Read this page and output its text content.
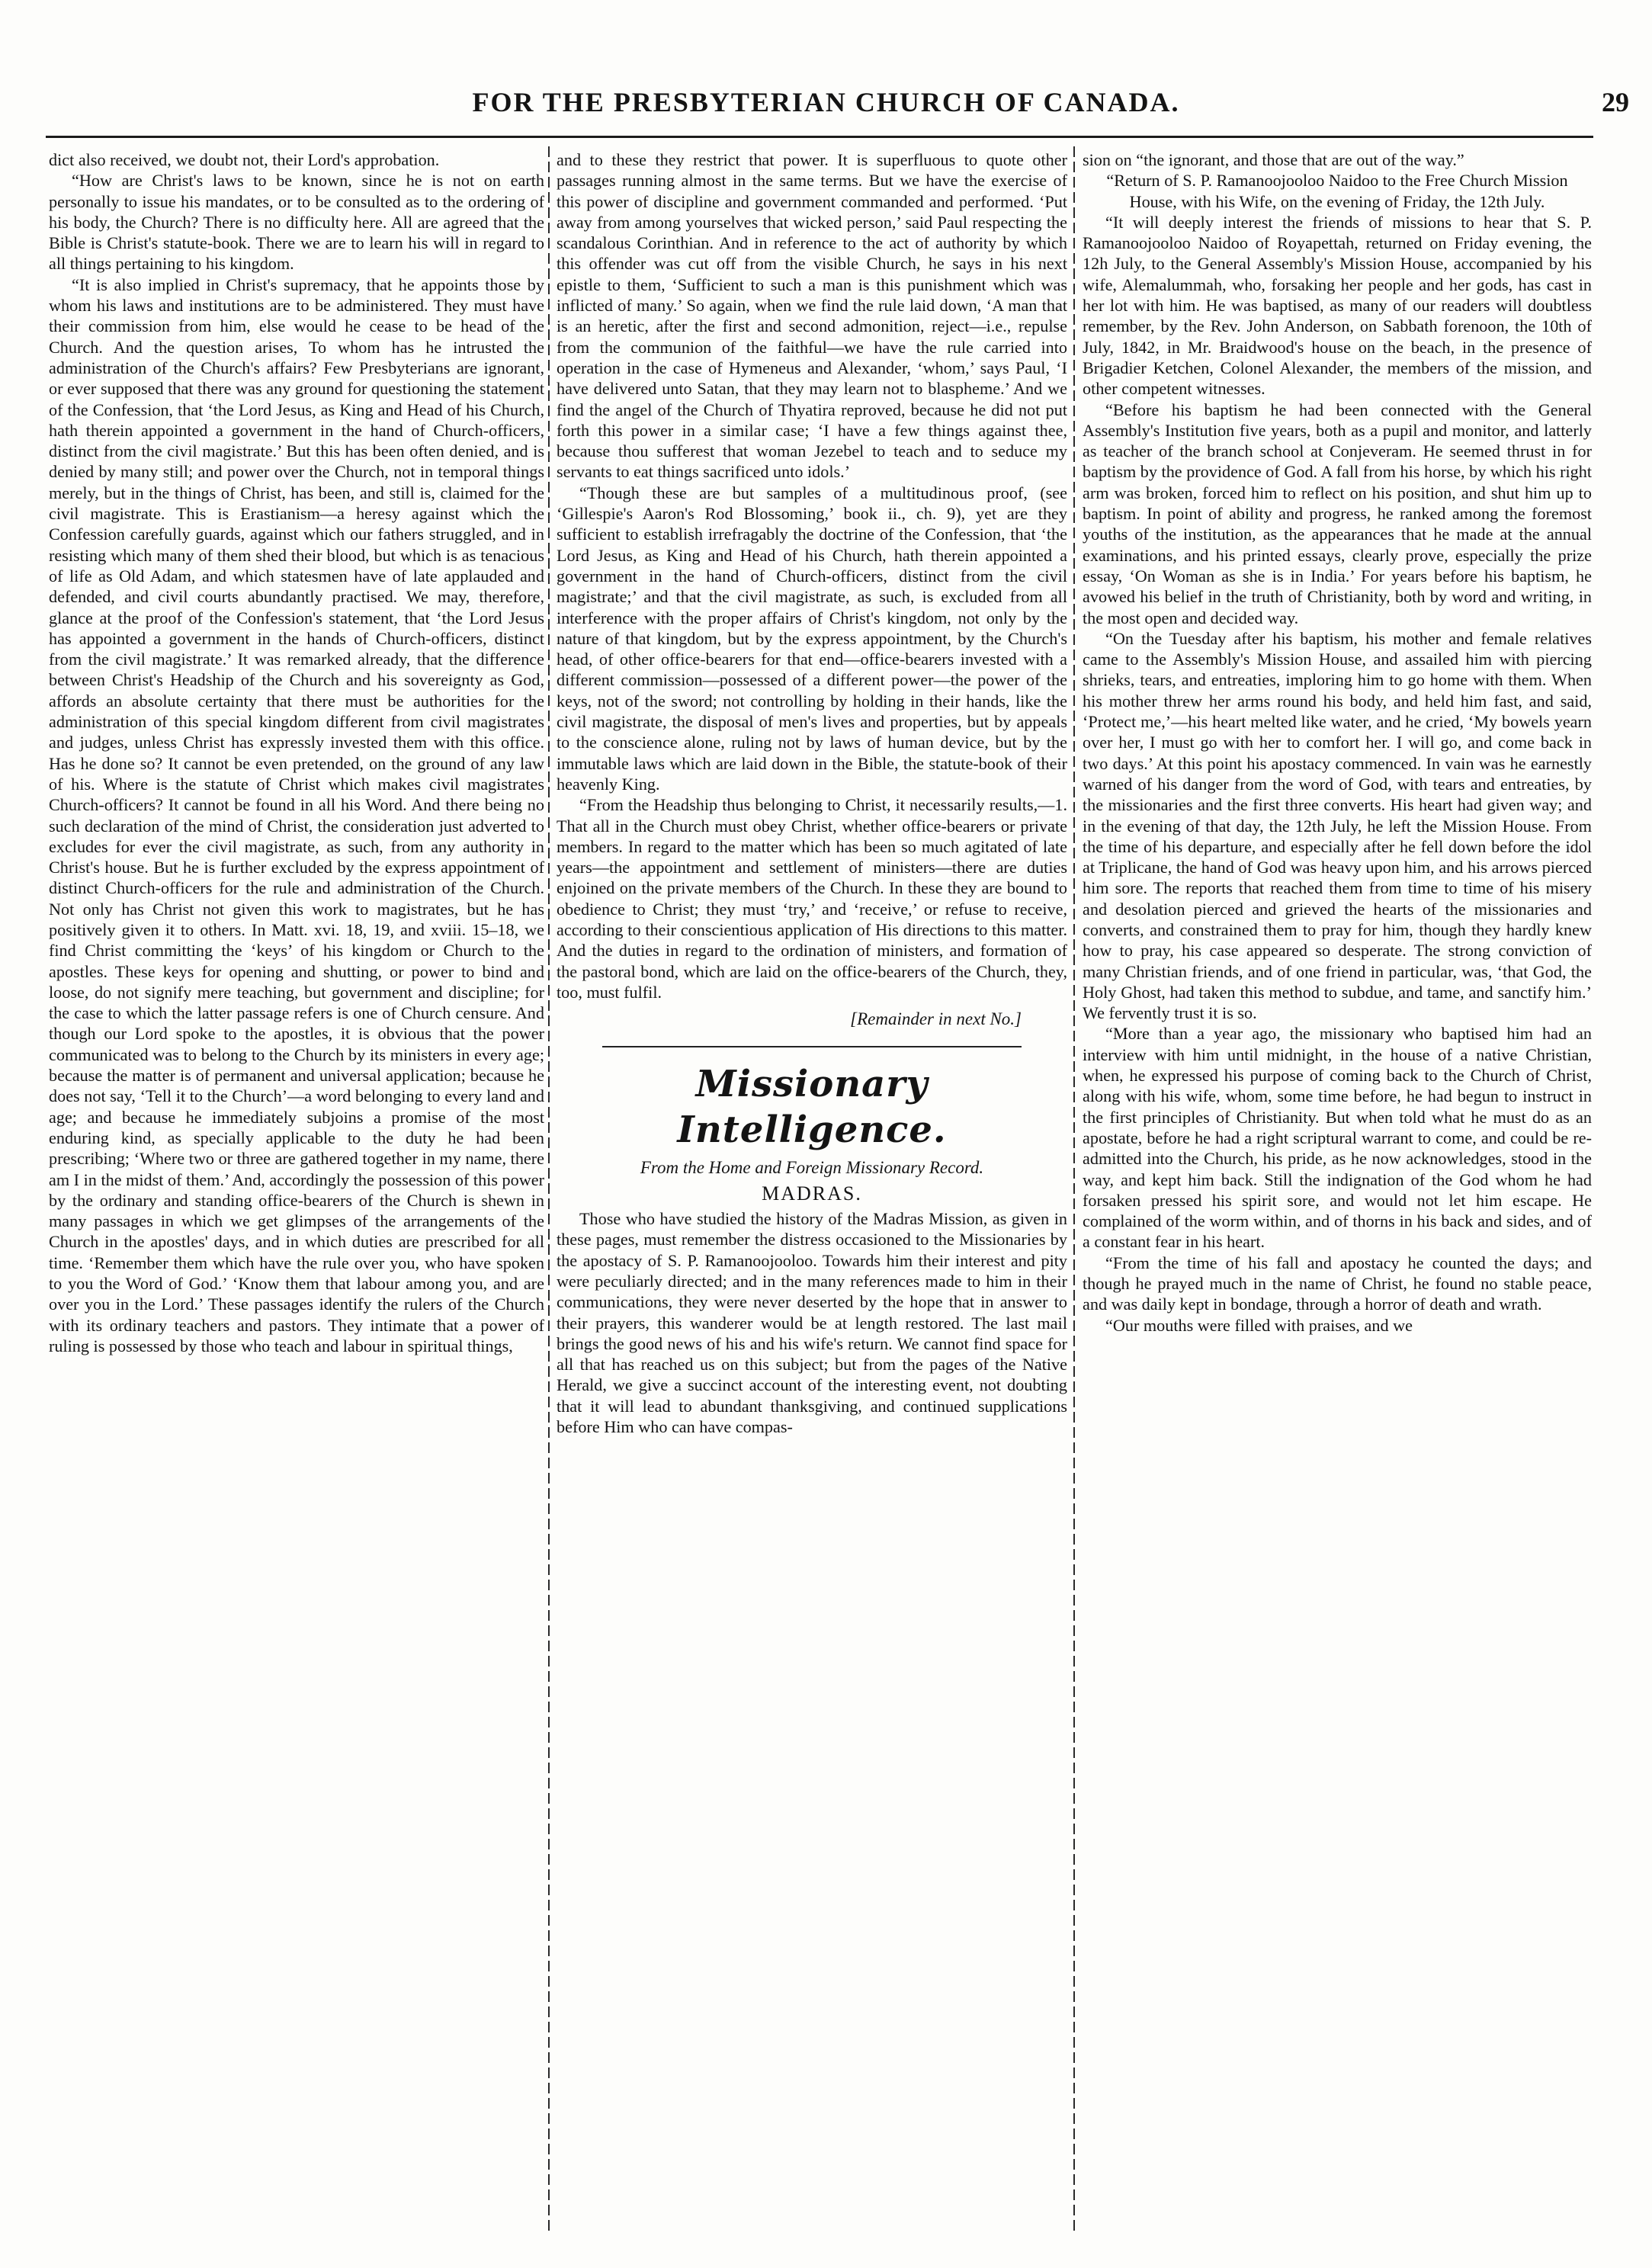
FOR THE PRESBYTERIAN CHURCH OF CANADA.	29

dict also received, we doubt not, their Lord's approbation.

“How are Christ's laws to be known, since he is not on earth personally to issue his mandates, or to be consulted as to the ordering of his body, the Church? There is no difficulty here. All are agreed that the Bible is Christ's statute-book. There we are to learn his will in regard to all things pertaining to his kingdom.

“It is also implied in Christ's supremacy, that he appoints those by whom his laws and institutions are to be administered. They must have their commission from him, else would he cease to be head of the Church. And the question arises, To whom has he intrusted the administration of the Church's affairs? Few Presbyterians are ignorant, or ever supposed that there was any ground for questioning the statement of the Confession, that ‘the Lord Jesus, as King and Head of his Church, hath therein appointed a government in the hand of Church-officers, distinct from the civil magistrate.’ But this has been often denied, and is denied by many still; and power over the Church, not in temporal things merely, but in the things of Christ, has been, and still is, claimed for the civil magistrate. This is Erastianism—a heresy against which the Confession carefully guards, against which our fathers struggled, and in resisting which many of them shed their blood, but which is as tenacious of life as Old Adam, and which statesmen have of late applauded and defended, and civil courts abundantly practised. We may, therefore, glance at the proof of the Confession's statement, that ‘the Lord Jesus has appointed a government in the hands of Church-officers, distinct from the civil magistrate.’ It was remarked already, that the difference between Christ's Headship of the Church and his sovereignty as God, affords an absolute certainty that there must be authorities for the administration of this special kingdom different from civil magistrates and judges, unless Christ has expressly invested them with this office. Has he done so? It cannot be even pretended, on the ground of any law of his. Where is the statute of Christ which makes civil magistrates Church-officers? It cannot be found in all his Word. And there being no such declaration of the mind of Christ, the consideration just adverted to excludes for ever the civil magistrate, as such, from any authority in Christ's house. But he is further excluded by the express appointment of distinct Church-officers for the rule and administration of the Church. Not only has Christ not given this work to magistrates, but he has positively given it to others. In Matt. xvi. 18, 19, and xviii. 15–18, we find Christ committing the ‘keys’ of his kingdom or Church to the apostles. These keys for opening and shutting, or power to bind and loose, do not signify mere teaching, but government and discipline; for the case to which the latter passage refers is one of Church censure. And though our Lord spoke to the apostles, it is obvious that the power communicated was to belong to the Church by its ministers in every age; because the matter is of permanent and universal application; because he does not say, ‘Tell it to the Church’—a word belonging to every land and age; and because he immediately subjoins a promise of the most enduring kind, as specially applicable to the duty he had been prescribing; ‘Where two or three are gathered together in my name, there am I in the midst of them.’ And, accordingly the possession of this power by the ordinary and standing office-bearers of the Church is shewn in many passages in which we get glimpses of the arrangements of the Church in the apostles' days, and in which duties are prescribed for all time. ‘Remember them which have the rule over you, who have spoken to you the Word of God.’ ‘Know them that labour among you, and are over you in the Lord.’ These passages identify the rulers of the Church with its ordinary teachers and pastors. They intimate that a power of ruling is possessed by those who teach and labour in spiritual things,

and to these they restrict that power. It is superfluous to quote other passages running almost in the same terms. But we have the exercise of this power of discipline and government commanded and performed. ‘Put away from among yourselves that wicked person,’ said Paul respecting the scandalous Corinthian. And in reference to the act of authority by which this offender was cut off from the visible Church, he says in his next epistle to them, ‘Sufficient to such a man is this punishment which was inflicted of many.’ So again, when we find the rule laid down, ‘A man that is an heretic, after the first and second admonition, reject—i.e., repulse from the communion of the faithful—we have the rule carried into operation in the case of Hymeneus and Alexander, ‘whom,’ says Paul, ‘I have delivered unto Satan, that they may learn not to blaspheme.’ And we find the angel of the Church of Thyatira reproved, because he did not put forth this power in a similar case; ‘I have a few things against thee, because thou sufferest that woman Jezebel to teach and to seduce my servants to eat things sacrificed unto idols.’

“Though these are but samples of a multitudinous proof, (see ‘Gillespie's Aaron's Rod Blossoming,’ book ii., ch. 9), yet are they sufficient to establish irrefragably the doctrine of the Confession, that ‘the Lord Jesus, as King and Head of his Church, hath therein appointed a government in the hand of Church-officers, distinct from the civil magistrate;’ and that the civil magistrate, as such, is excluded from all interference with the proper affairs of Christ's kingdom, not only by the nature of that kingdom, but by the express appointment, by the Church's head, of other office-bearers for that end—office-bearers invested with a different commission—possessed of a different power—the power of the keys, not of the sword; not controlling by holding in their hands, like the civil magistrate, the disposal of men's lives and properties, but by appeals to the conscience alone, ruling not by laws of human device, but by the immutable laws which are laid down in the Bible, the statute-book of their heavenly King.

“From the Headship thus belonging to Christ, it necessarily results,—1. That all in the Church must obey Christ, whether office-bearers or private members. In regard to the matter which has been so much agitated of late years—the appointment and settlement of ministers—there are duties enjoined on the private members of the Church. In these they are bound to obedience to Christ; they must ‘try,’ and ‘receive,’ or refuse to receive, according to their conscientious application of His directions to this matter. And the duties in regard to the ordination of ministers, and formation of the pastoral bond, which are laid on the office-bearers of the Church, they, too, must fulfil.

[Remainder in next No.]

Missionary Intelligence.

From the Home and Foreign Missionary Record.

MADRAS.

Those who have studied the history of the Madras Mission, as given in these pages, must remember the distress occasioned to the Missionaries by the apostacy of S. P. Ramanoojooloo. Towards him their interest and pity were peculiarly directed; and in the many references made to him in their communications, they were never deserted by the hope that in answer to their prayers, this wanderer would be at length restored. The last mail brings the good news of his and his wife's return. We cannot find space for all that has reached us on this subject; but from the pages of the Native Herald, we give a succinct account of the interesting event, not doubting that it will lead to abundant thanksgiving, and continued supplications before Him who can have compas-

sion on “the ignorant, and those that are out of the way.”

“Return of S. P. Ramanoojooloo Naidoo to the Free Church Mission House, with his Wife, on the evening of Friday, the 12th July.

“It will deeply interest the friends of missions to hear that S. P. Ramanoojooloo Naidoo of Royapettah, returned on Friday evening, the 12h July, to the General Assembly's Mission House, accompanied by his wife, Alemalummah, who, forsaking her people and her gods, has cast in her lot with him. He was baptised, as many of our readers will doubtless remember, by the Rev. John Anderson, on Sabbath forenoon, the 10th of July, 1842, in Mr. Braidwood's house on the beach, in the presence of Brigadier Ketchen, Colonel Alexander, the members of the mission, and other competent witnesses.

“Before his baptism he had been connected with the General Assembly's Institution five years, both as a pupil and monitor, and latterly as teacher of the branch school at Conjeveram. He seemed thrust in for baptism by the providence of God. A fall from his horse, by which his right arm was broken, forced him to reflect on his position, and shut him up to baptism. In point of ability and progress, he ranked among the foremost youths of the institution, as the appearances that he made at the annual examinations, and his printed essays, clearly prove, especially the prize essay, ‘On Woman as she is in India.’ For years before his baptism, he avowed his belief in the truth of Christianity, both by word and writing, in the most open and decided way.

“On the Tuesday after his baptism, his mother and female relatives came to the Assembly's Mission House, and assailed him with piercing shrieks, tears, and entreaties, imploring him to go home with them. When his mother threw her arms round his body, and held him fast, and said, ‘Protect me,’—his heart melted like water, and he cried, ‘My bowels yearn over her, I must go with her to comfort her. I will go, and come back in two days.’ At this point his apostacy commenced. In vain was he earnestly warned of his danger from the word of God, with tears and entreaties, by the missionaries and the first three converts. His heart had given way; and in the evening of that day, the 12th July, he left the Mission House. From the time of his departure, and especially after he fell down before the idol at Triplicane, the hand of God was heavy upon him, and his arrows pierced him sore. The reports that reached them from time to time of his misery and desolation pierced and grieved the hearts of the missionaries and converts, and constrained them to pray for him, though they hardly knew how to pray, his case appeared so desperate. The strong conviction of many Christian friends, and of one friend in particular, was, ‘that God, the Holy Ghost, had taken this method to subdue, and tame, and sanctify him.’ We fervently trust it is so.

“More than a year ago, the missionary who baptised him had an interview with him until midnight, in the house of a native Christian, when, he expressed his purpose of coming back to the Church of Christ, along with his wife, whom, some time before, he had begun to instruct in the first principles of Christianity. But when told what he must do as an apostate, before he had a right scriptural warrant to come, and could be re-admitted into the Church, his pride, as he now acknowledges, stood in the way, and kept him back. Still the indignation of the God whom he had forsaken pressed his spirit sore, and would not let him escape. He complained of the worm within, and of thorns in his back and sides, and of a constant fear in his heart.

“From the time of his fall and apostacy he counted the days; and though he prayed much in the name of Christ, he found no stable peace, and was daily kept in bondage, through a horror of death and wrath.

“Our mouths were filled with praises, and we
